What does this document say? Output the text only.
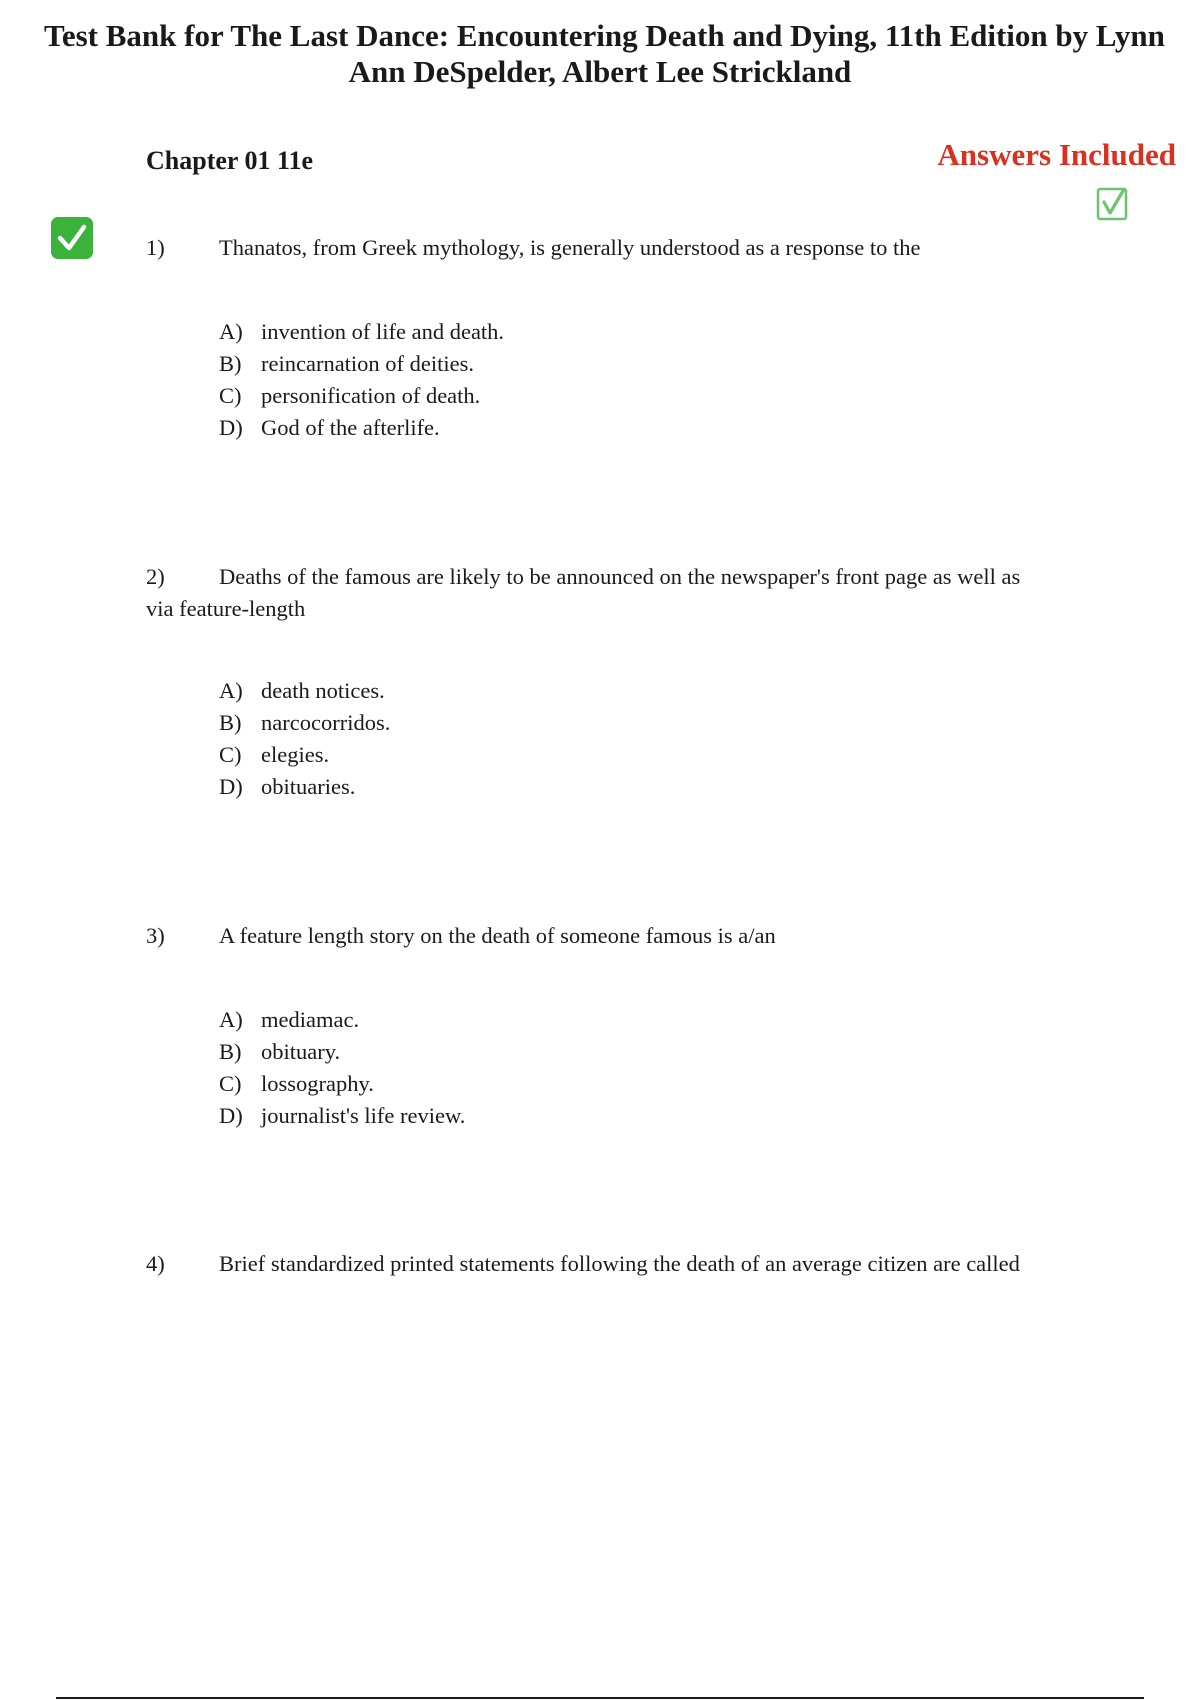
Test Bank for The Last Dance: Encountering Death and Dying, 11th Edition by Lynn
Ann DeSpelder, Albert Lee Strickland
Chapter 01 11e	Answers Included
1) Thanatos, from Greek mythology, is generally understood as a response to the
A) invention of life and death.
B) reincarnation of deities.
C) personification of death.
D) God of the afterlife.
2) Deaths of the famous are likely to be announced on the newspaper's front page as well as
via feature-length
A) death notices.
B) narcocorridos.
C) elegies.
D) obituaries.
3) A feature length story on the death of someone famous is a/an
A) mediamac.
B) obituary.
C) lossography.
D) journalist's life review.
4) Brief standardized printed statements following the death of an average citizen are called
